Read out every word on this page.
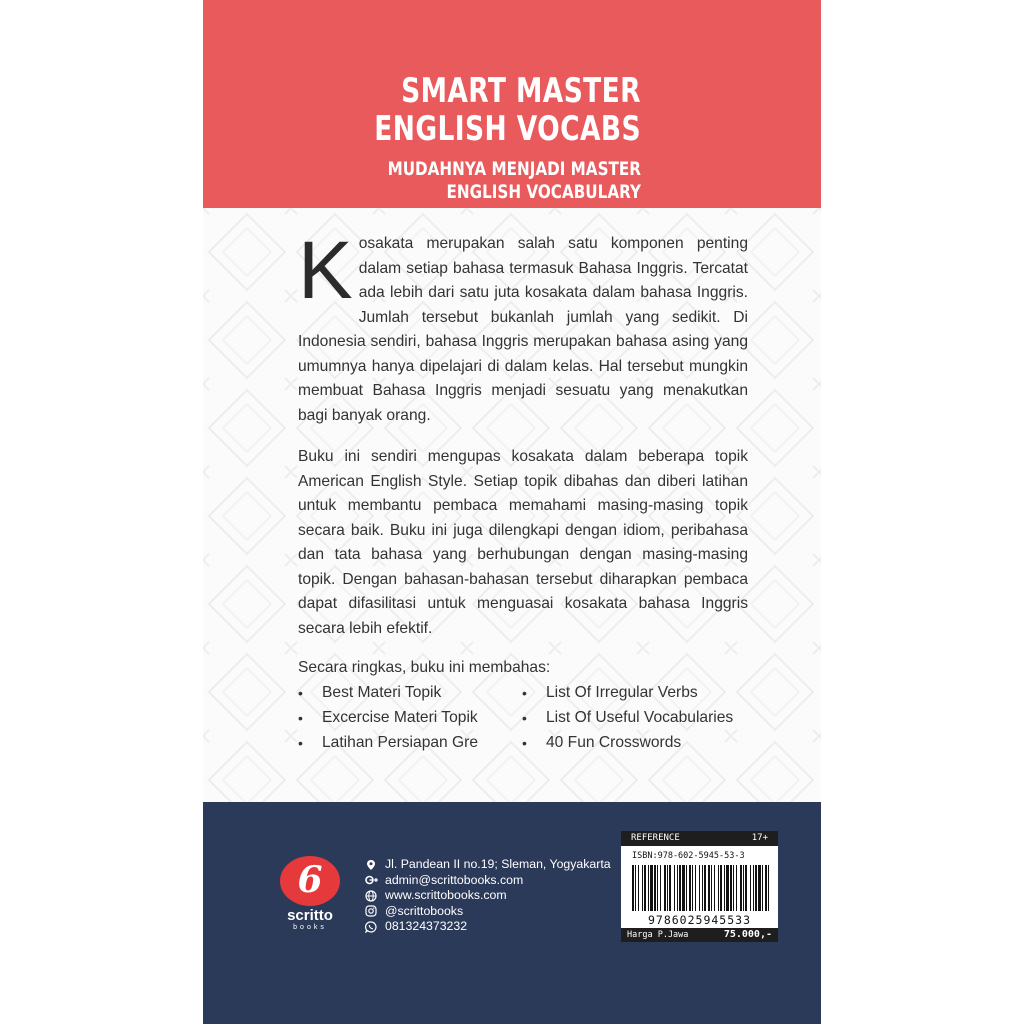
SMART MASTER
ENGLISH VOCABS
MUDAHNYA MENJADI MASTER
ENGLISH VOCABULARY

Kosakata merupakan salah satu komponen penting dalam setiap bahasa termasuk Bahasa Inggris. Tercatat ada lebih dari satu juta kosakata dalam bahasa Inggris. Jumlah tersebut bukanlah jumlah yang sedikit. Di Indonesia sendiri, bahasa Inggris merupakan bahasa asing yang umumnya hanya dipelajari di dalam kelas. Hal tersebut mungkin membuat Bahasa Inggris menjadi sesuatu yang menakutkan bagi banyak orang.

Buku ini sendiri mengupas kosakata dalam beberapa topik American English Style. Setiap topik dibahas dan diberi latihan untuk membantu pembaca memahami masing-masing topik secara baik. Buku ini juga dilengkapi dengan idiom, peribahasa dan tata bahasa yang berhubungan dengan masing-masing topik. Dengan bahasan-bahasan tersebut diharapkan pembaca dapat difasilitasi untuk menguasai kosakata bahasa Inggris secara lebih efektif.

Secara ringkas, buku ini membahas:

•	Best Materi Topik	•	List Of Irregular Verbs
•	Excercise Materi Topik	•	List Of Useful Vocabularies
•	Latihan Persiapan Gre	•	40 Fun Crosswords
6
scritto
books
Jl. Pandean II no.19; Sleman, Yogyakarta
admin@scrittobooks.com
www.scrittobooks.com
@scrittobooks
081324373232
REFERENCE	17+
ISBN:978-602-5945-53-3
9786025945533
Harga P.Jawa	75.000,-
